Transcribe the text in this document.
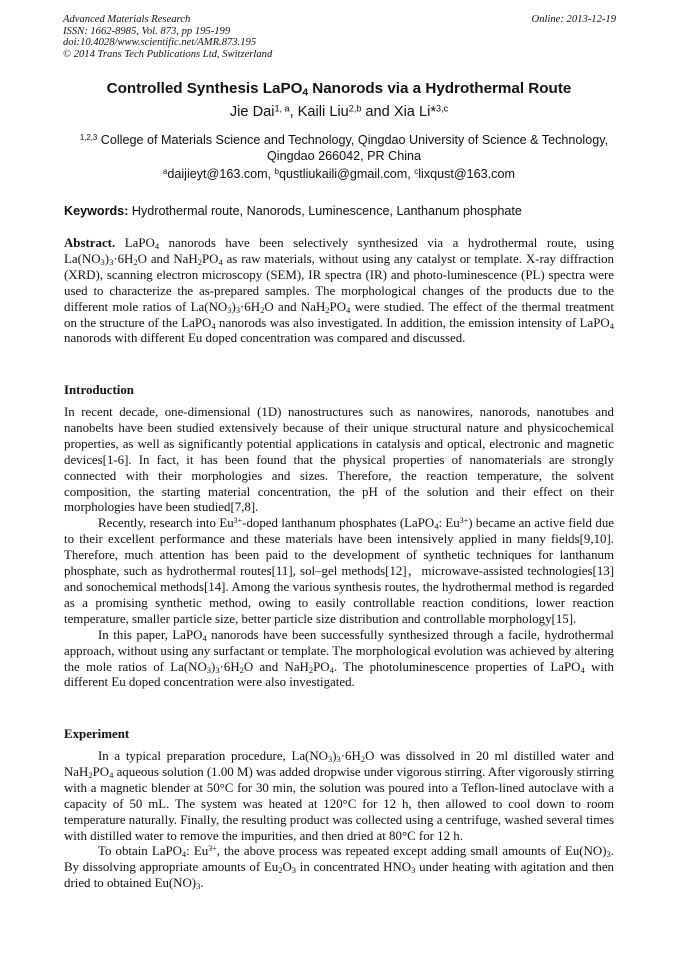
Advanced Materials Research
ISSN: 1662-8985, Vol. 873, pp 195-199
doi:10.4028/www.scientific.net/AMR.873.195
© 2014 Trans Tech Publications Ltd, Switzerland
Online: 2013-12-19
Controlled Synthesis LaPO$_4$ Nanorods via a Hydrothermal Route
Jie Dai$^{1, a}$, Kaili Liu$^{2,b}$ and Xia Li*$^{3,c}$
$^{1,2,3}$ College of Materials Science and Technology, Qingdao University of Science & Technology,
Qingdao 266042, PR China
$^a$daijieyt@163.com, $^b$qustliukaili@gmail.com, $^c$lixqust@163.com
Keywords: Hydrothermal route, Nanorods, Luminescence, Lanthanum phosphate

Abstract. LaPO$_4$ nanorods have been selectively synthesized via a hydrothermal route, using $La(NO_3)_3\cdot 6H_2O$ and $NaH_2PO_4$ as raw materials, without using any catalyst or template. X-ray diffraction (XRD), scanning electron microscopy (SEM), IR spectra (IR) and photo-luminescence (PL) spectra were used to characterize the as-prepared samples. The morphological changes of the products due to the different mole ratios of $La(NO_3)_3\cdot 6H_2O$ and $NaH_2PO_4$ were studied. The effect of the thermal treatment on the structure of the LaPO$_4$ nanorods was also investigated. In addition, the emission intensity of LaPO$_4$ nanorods with different Eu doped concentration was compared and discussed.

Introduction

In recent decade, one-dimensional (1D) nanostructures such as nanowires, nanorods, nanotubes and nanobelts have been studied extensively because of their unique structural nature and physicochemical properties, as well as significantly potential applications in catalysis and optical, electronic and magnetic devices[1-6]. In fact, it has been found that the physical properties of nanomaterials are strongly connected with their morphologies and sizes. Therefore, the reaction temperature, the solvent composition, the starting material concentration, the pH of the solution and their effect on their morphologies have been studied[7,8].

Recently, research into $Eu^{3+}$-doped lanthanum phosphates (LaPO$_4$: $Eu^{3+}$) became an active field due to their excellent performance and these materials have been intensively applied in many fields[9,10]. Therefore, much attention has been paid to the development of synthetic techniques for lanthanum phosphate, such as hydrothermal routes[11], sol–gel methods[12]，microwave-assisted technologies[13] and sonochemical methods[14]. Among the various synthesis routes, the hydrothermal method is regarded as a promising synthetic method, owing to easily controllable reaction conditions, lower reaction temperature, smaller particle size, better particle size distribution and controllable morphology[15].

In this paper, LaPO$_4$ nanorods have been successfully synthesized through a facile, hydrothermal approach, without using any surfactant or template. The morphological evolution was achieved by altering the mole ratios of $La(NO_3)_3\cdot 6H_2O$ and $NaH_2PO_4$. The photoluminescence properties of LaPO$_4$ with different Eu doped concentration were also investigated.

Experiment

In a typical preparation procedure, $La(NO_3)_3\cdot 6H_2O$ was dissolved in 20 ml distilled water and $NaH_2PO_4$ aqueous solution (1.00 M) was added dropwise under vigorous stirring. After vigorously stirring with a magnetic blender at 50°C for 30 min, the solution was poured into a Teflon-lined autoclave with a capacity of 50 mL. The system was heated at 120°C for 12 h, then allowed to cool down to room temperature naturally. Finally, the resulting product was collected using a centrifuge, washed several times with distilled water to remove the impurities, and then dried at 80°C for 12 h.

To obtain LaPO$_4$: $Eu^{3+}$, the above process was repeated except adding small amounts of $Eu(NO)_3$. By dissolving appropriate amounts of $Eu_2O_3$ in concentrated $HNO_3$ under heating with agitation and then dried to obtained $Eu(NO)_3$.
